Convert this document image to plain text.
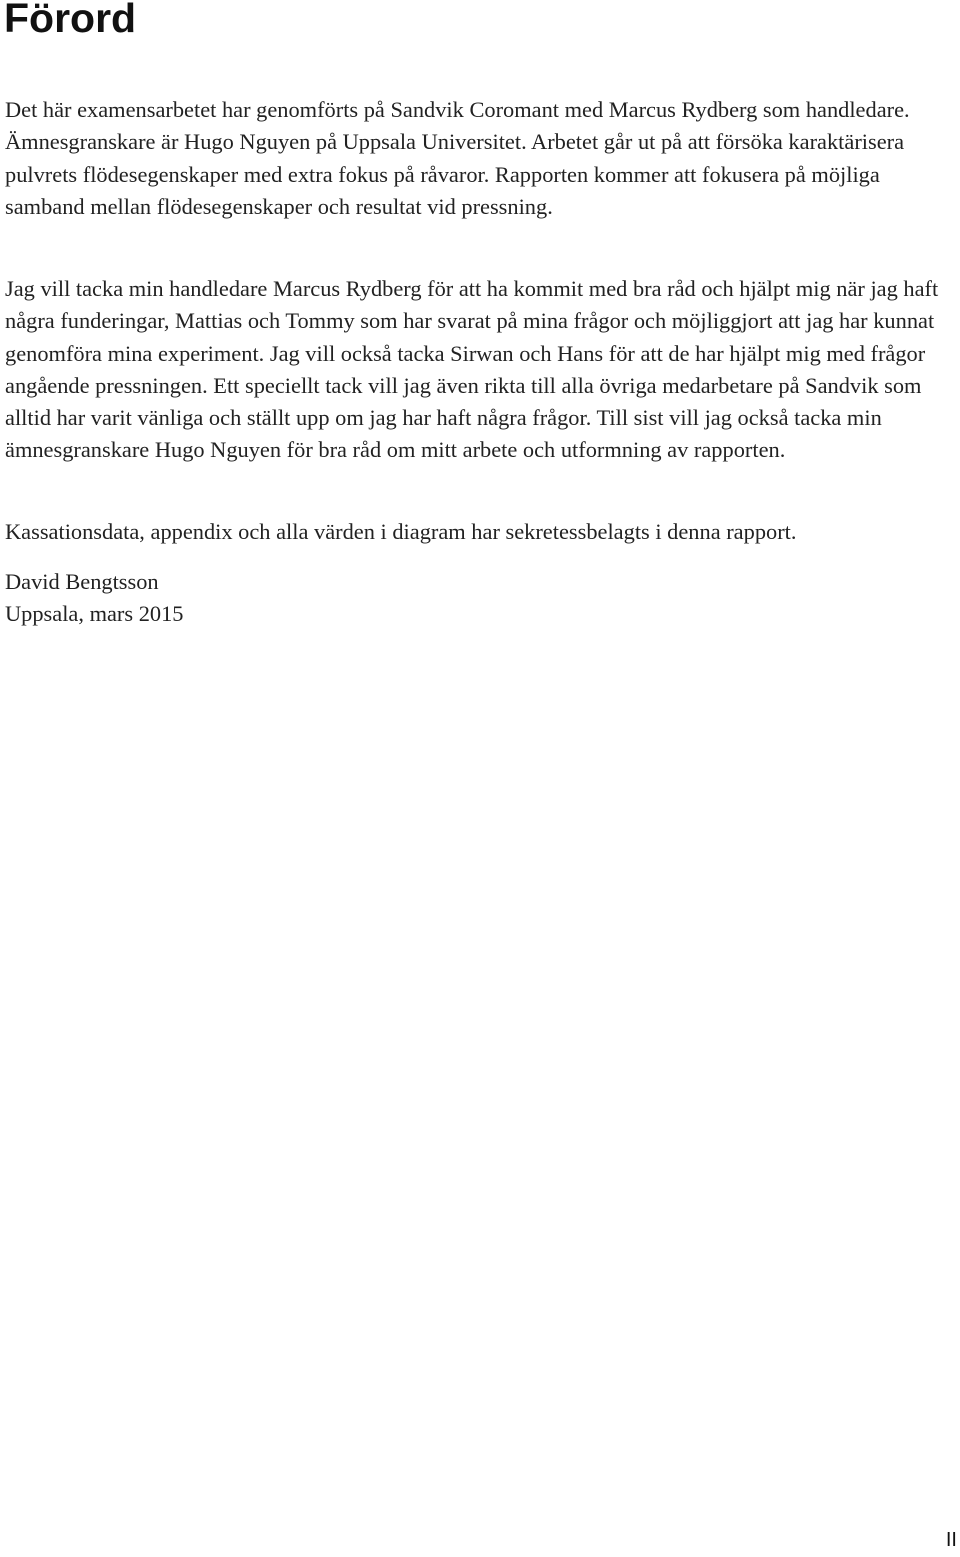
Förord

Det här examensarbetet har genomförts på Sandvik Coromant med Marcus Rydberg som handledare. Ämnesgranskare är Hugo Nguyen på Uppsala Universitet. Arbetet går ut på att försöka karaktärisera pulvrets flödesegenskaper med extra fokus på råvaror. Rapporten kommer att fokusera på möjliga samband mellan flödesegenskaper och resultat vid pressning.

Jag vill tacka min handledare Marcus Rydberg för att ha kommit med bra råd och hjälpt mig när jag haft några funderingar, Mattias och Tommy som har svarat på mina frågor och möjliggjort att jag har kunnat genomföra mina experiment. Jag vill också tacka Sirwan och Hans för att de har hjälpt mig med frågor angående pressningen. Ett speciellt tack vill jag även rikta till alla övriga medarbetare på Sandvik som alltid har varit vänliga och ställt upp om jag har haft några frågor. Till sist vill jag också tacka min ämnesgranskare Hugo Nguyen för bra råd om mitt arbete och utformning av rapporten.

Kassationsdata, appendix och alla värden i diagram har sekretessbelagts i denna rapport.

David Bengtsson
Uppsala, mars 2015
II
